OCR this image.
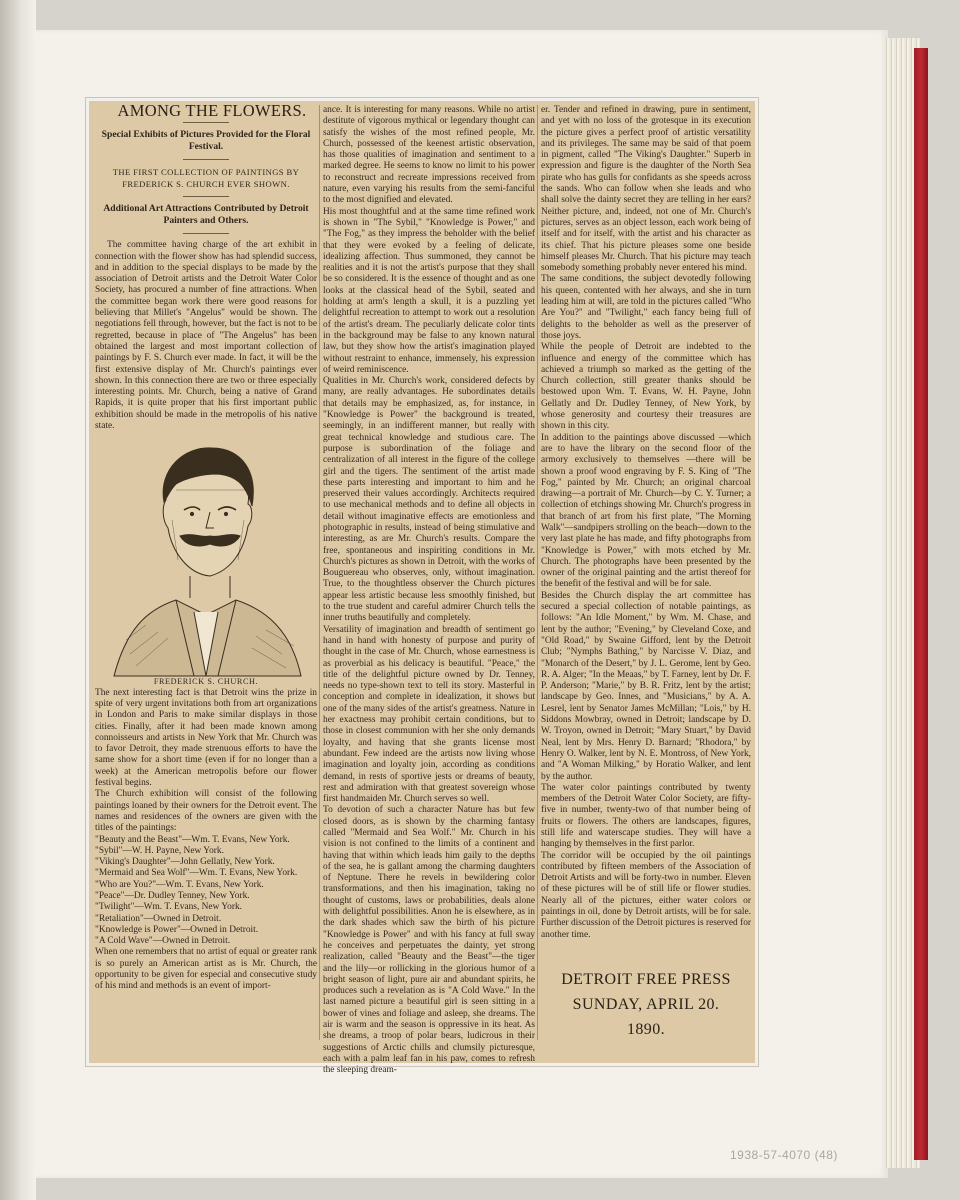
AMONG THE FLOWERS.

Special Exhibits of Pictures Provided for the Floral Festival.

THE FIRST COLLECTION OF PAINTINGS BY FREDERICK S. CHURCH EVER SHOWN.

Additional Art Attractions Contributed by Detroit Painters and Others.

The committee having charge of the art exhibit in connection with the flower show has had splendid success, and in addition to the special displays to be made by the association of Detroit artists and the Detroit Water Color Society, has procured a number of fine attractions. When the committee began work there were good reasons for believing that Millet's "Angelus" would be shown. The negotiations fell through, however, but the fact is not to be regretted, because in place of "The Angelus" has been obtained the largest and most important collection of paintings by F. S. Church ever made. In fact, it will be the first extensive display of Mr. Church's paintings ever shown. In this connection there are two or three especially interesting points. Mr. Church, being a native of Grand Rapids, it is quite proper that his first important public exhibition should be made in the metropolis of his native state.

FREDERICK S. CHURCH.

The next interesting fact is that Detroit wins the prize in spite of very urgent invitations both from art organizations in London and Paris to make similar displays in those cities. Finally, after it had been made known among connoisseurs and artists in New York that Mr. Church was to favor Detroit, they made strenuous efforts to have the same show for a short time (even if for no longer than a week) at the American metropolis before our flower festival begins.
The Church exhibition will consist of the following paintings loaned by their owners for the Detroit event. The names and residences of the owners are given with the titles of the paintings:
"Beauty and the Beast"—Wm. T. Evans, New York.
"Sybil"—W. H. Payne, New York.
"Viking's Daughter"—John Gellatly, New York.
"Mermaid and Sea Wolf"—Wm. T. Evans, New York.
"Who are You?"—Wm. T. Evans, New York.
"Peace"—Dr. Dudley Tenney, New York.
"Twilight"—Wm. T. Evans, New York.
"Retaliation"—Owned in Detroit.
"Knowledge is Power"—Owned in Detroit.
"A Cold Wave"—Owned in Detroit.
When one remembers that no artist of equal or greater rank is so purely an American artist as is Mr. Church, the opportunity to be given for especial and consecutive study of his mind and methods is an event of import-

ance. It is interesting for many reasons. While no artist destitute of vigorous mythical or legendary thought can satisfy the wishes of the most refined people, Mr. Church, possessed of the keenest artistic observation, has those qualities of imagination and sentiment to a marked degree. He seems to know no limit to his power to reconstruct and recreate impressions received from nature, even varying his results from the semi-fanciful to the most dignified and elevated.
His most thoughtful and at the same time refined work is shown in "The Sybil," "Knowledge is Power," and "The Fog," as they impress the beholder with the belief that they were evoked by a feeling of delicate, idealizing affection. Thus summoned, they cannot be realities and it is not the artist's purpose that they shall be so considered. It is the essence of thought and as one looks at the classical head of the Sybil, seated and holding at arm's length a skull, it is a puzzling yet delightful recreation to attempt to work out a resolution of the artist's dream. The peculiarly delicate color tints in the background may be false to any known natural law, but they show how the artist's imagination played without restraint to enhance, immensely, his expression of weird reminiscence.
Qualities in Mr. Church's work, considered defects by many, are really advantages. He subordinates details that details may be emphasized, as, for instance, in "Knowledge is Power" the background is treated, seemingly, in an indifferent manner, but really with great technical knowledge and studious care. The purpose is subordination of the foliage and centralization of all interest in the figure of the college girl and the tigers. The sentiment of the artist made these parts interesting and important to him and he preserved their values accordingly. Architects required to use mechanical methods and to define all objects in detail without imaginative effects are emotionless and photographic in results, instead of being stimulative and interesting, as are Mr. Church's results. Compare the free, spontaneous and inspiriting conditions in Mr. Church's pictures as shown in Detroit, with the works of Bouguereau who observes, only, without imagination. True, to the thoughtless observer the Church pictures appear less artistic because less smoothly finished, but to the true student and careful admirer Church tells the inner truths beautifully and completely.
Versatility of imagination and breadth of sentiment go hand in hand with honesty of purpose and purity of thought in the case of Mr. Church, whose earnestness is as proverbial as his delicacy is beautiful. "Peace," the title of the delightful picture owned by Dr. Tenney, needs no type-shown text to tell its story. Masterful in conception and complete in idealization, it shows but one of the many sides of the artist's greatness. Nature in her exactness may prohibit certain conditions, but to those in closest communion with her she only demands loyalty, and having that she grants license most abundant. Few indeed are the artists now living whose imagination and loyalty join, according as conditions demand, in rests of sportive jests or dreams of beauty, rest and admiration with that greatest sovereign whose first handmaiden Mr. Church serves so well.
To devotion of such a character Nature has but few closed doors, as is shown by the charming fantasy called "Mermaid and Sea Wolf." Mr. Church in his vision is not confined to the limits of a continent and having that within which leads him gaily to the depths of the sea, he is gallant among the charming daughters of Neptune. There he revels in bewildering color transformations, and then his imagination, taking no thought of customs, laws or probabilities, deals alone with delightful possibilities. Anon he is elsewhere, as in the dark shades which saw the birth of his picture "Knowledge is Power" and with his fancy at full sway he conceives and perpetuates the dainty, yet strong realization, called "Beauty and the Beast"—the tiger and the lily—or rollicking in the glorious humor of a bright season of light, pure air and abundant spirits, he produces such a revelation as is "A Cold Wave." In the last named picture a beautiful girl is seen sitting in a bower of vines and foliage and asleep, she dreams. The air is warm and the season is oppressive in its heat. As she dreams, a troop of polar bears, ludicrous in their suggestions of Arctic chills and clumsily picturesque, each with a palm leaf fan in his paw, comes to refresh the sleeping dream-

er. Tender and refined in drawing, pure in sentiment, and yet with no loss of the grotesque in its execution the picture gives a perfect proof of artistic versatility and its privileges. The same may be said of that poem in pigment, called "The Viking's Daughter." Superb in expression and figure is the daughter of the North Sea pirate who has gulls for confidants as she speeds across the sands. Who can follow when she leads and who shall solve the dainty secret they are telling in her ears? Neither picture, and, indeed, not one of Mr. Church's pictures, serves as an object lesson, each work being of itself and for itself, with the artist and his character as its chief. That his picture pleases some one beside himself pleases Mr. Church. That his picture may teach somebody something probably never entered his mind.
The same conditions, the subject devotedly following his queen, contented with her always, and she in turn leading him at will, are told in the pictures called "Who Are You?" and "Twilight," each fancy being full of delights to the beholder as well as the preserver of those joys.
While the people of Detroit are indebted to the influence and energy of the committee which has achieved a triumph so marked as the getting of the Church collection, still greater thanks should be bestowed upon Wm. T. Evans, W. H. Payne, John Gellatly and Dr. Dudley Tenney, of New York, by whose generosity and courtesy their treasures are shown in this city.
In addition to the paintings above discussed —which are to have the library on the second floor of the armory exclusively to themselves —there will be shown a proof wood engraving by F. S. King of "The Fog," painted by Mr. Church; an original charcoal drawing—a portrait of Mr. Church—by C. Y. Turner; a collection of etchings showing Mr. Church's progress in that branch of art from his first plate, "The Morning Walk"—sandpipers strolling on the beach—down to the very last plate he has made, and fifty photographs from "Knowledge is Power," with mots etched by Mr. Church. The photographs have been presented by the owner of the original painting and the artist thereof for the benefit of the festival and will be for sale.
Besides the Church display the art committee has secured a special collection of notable paintings, as follows: "An Idle Moment," by Wm. M. Chase, and lent by the author; "Evening," by Cleveland Coxe, and "Old Road," by Swaine Gifford, lent by the Detroit Club; "Nymphs Bathing," by Narcisse V. Diaz, and "Monarch of the Desert," by J. L. Gerome, lent by Geo. R. A. Alger; "In the Meaas," by T. Farney, lent by Dr. F. P. Anderson; "Marie," by B. R. Fritz, lent by the artist; landscape by Geo. Innes, and "Musicians," by A. A. Lesrel, lent by Senator James McMillan; "Lois," by H. Siddons Mowbray, owned in Detroit; landscape by D. W. Troyon, owned in Detroit; "Mary Stuart," by David Neal, lent by Mrs. Henry D. Barnard; "Rhodora," by Henry O. Walker, lent by N. E. Montross, of New York, and "A Woman Milking," by Horatio Walker, and lent by the author.
The water color paintings contributed by twenty members of the Detroit Water Color Society, are fifty-five in number, twenty-two of that number being of fruits or flowers. The others are landscapes, figures, still life and waterscape studies. They will have a hanging by themselves in the first parlor.
The corridor will be occupied by the oil paintings contributed by fifteen members of the Association of Detroit Artists and will be forty-two in number. Eleven of these pictures will be of still life or flower studies. Nearly all of the pictures, either water colors or paintings in oil, done by Detroit artists, will be for sale. Further discussion of the Detroit pictures is reserved for another time.

DETROIT FREE PRESS
SUNDAY, APRIL 20.
1890.
1938-57-4070 (48)
